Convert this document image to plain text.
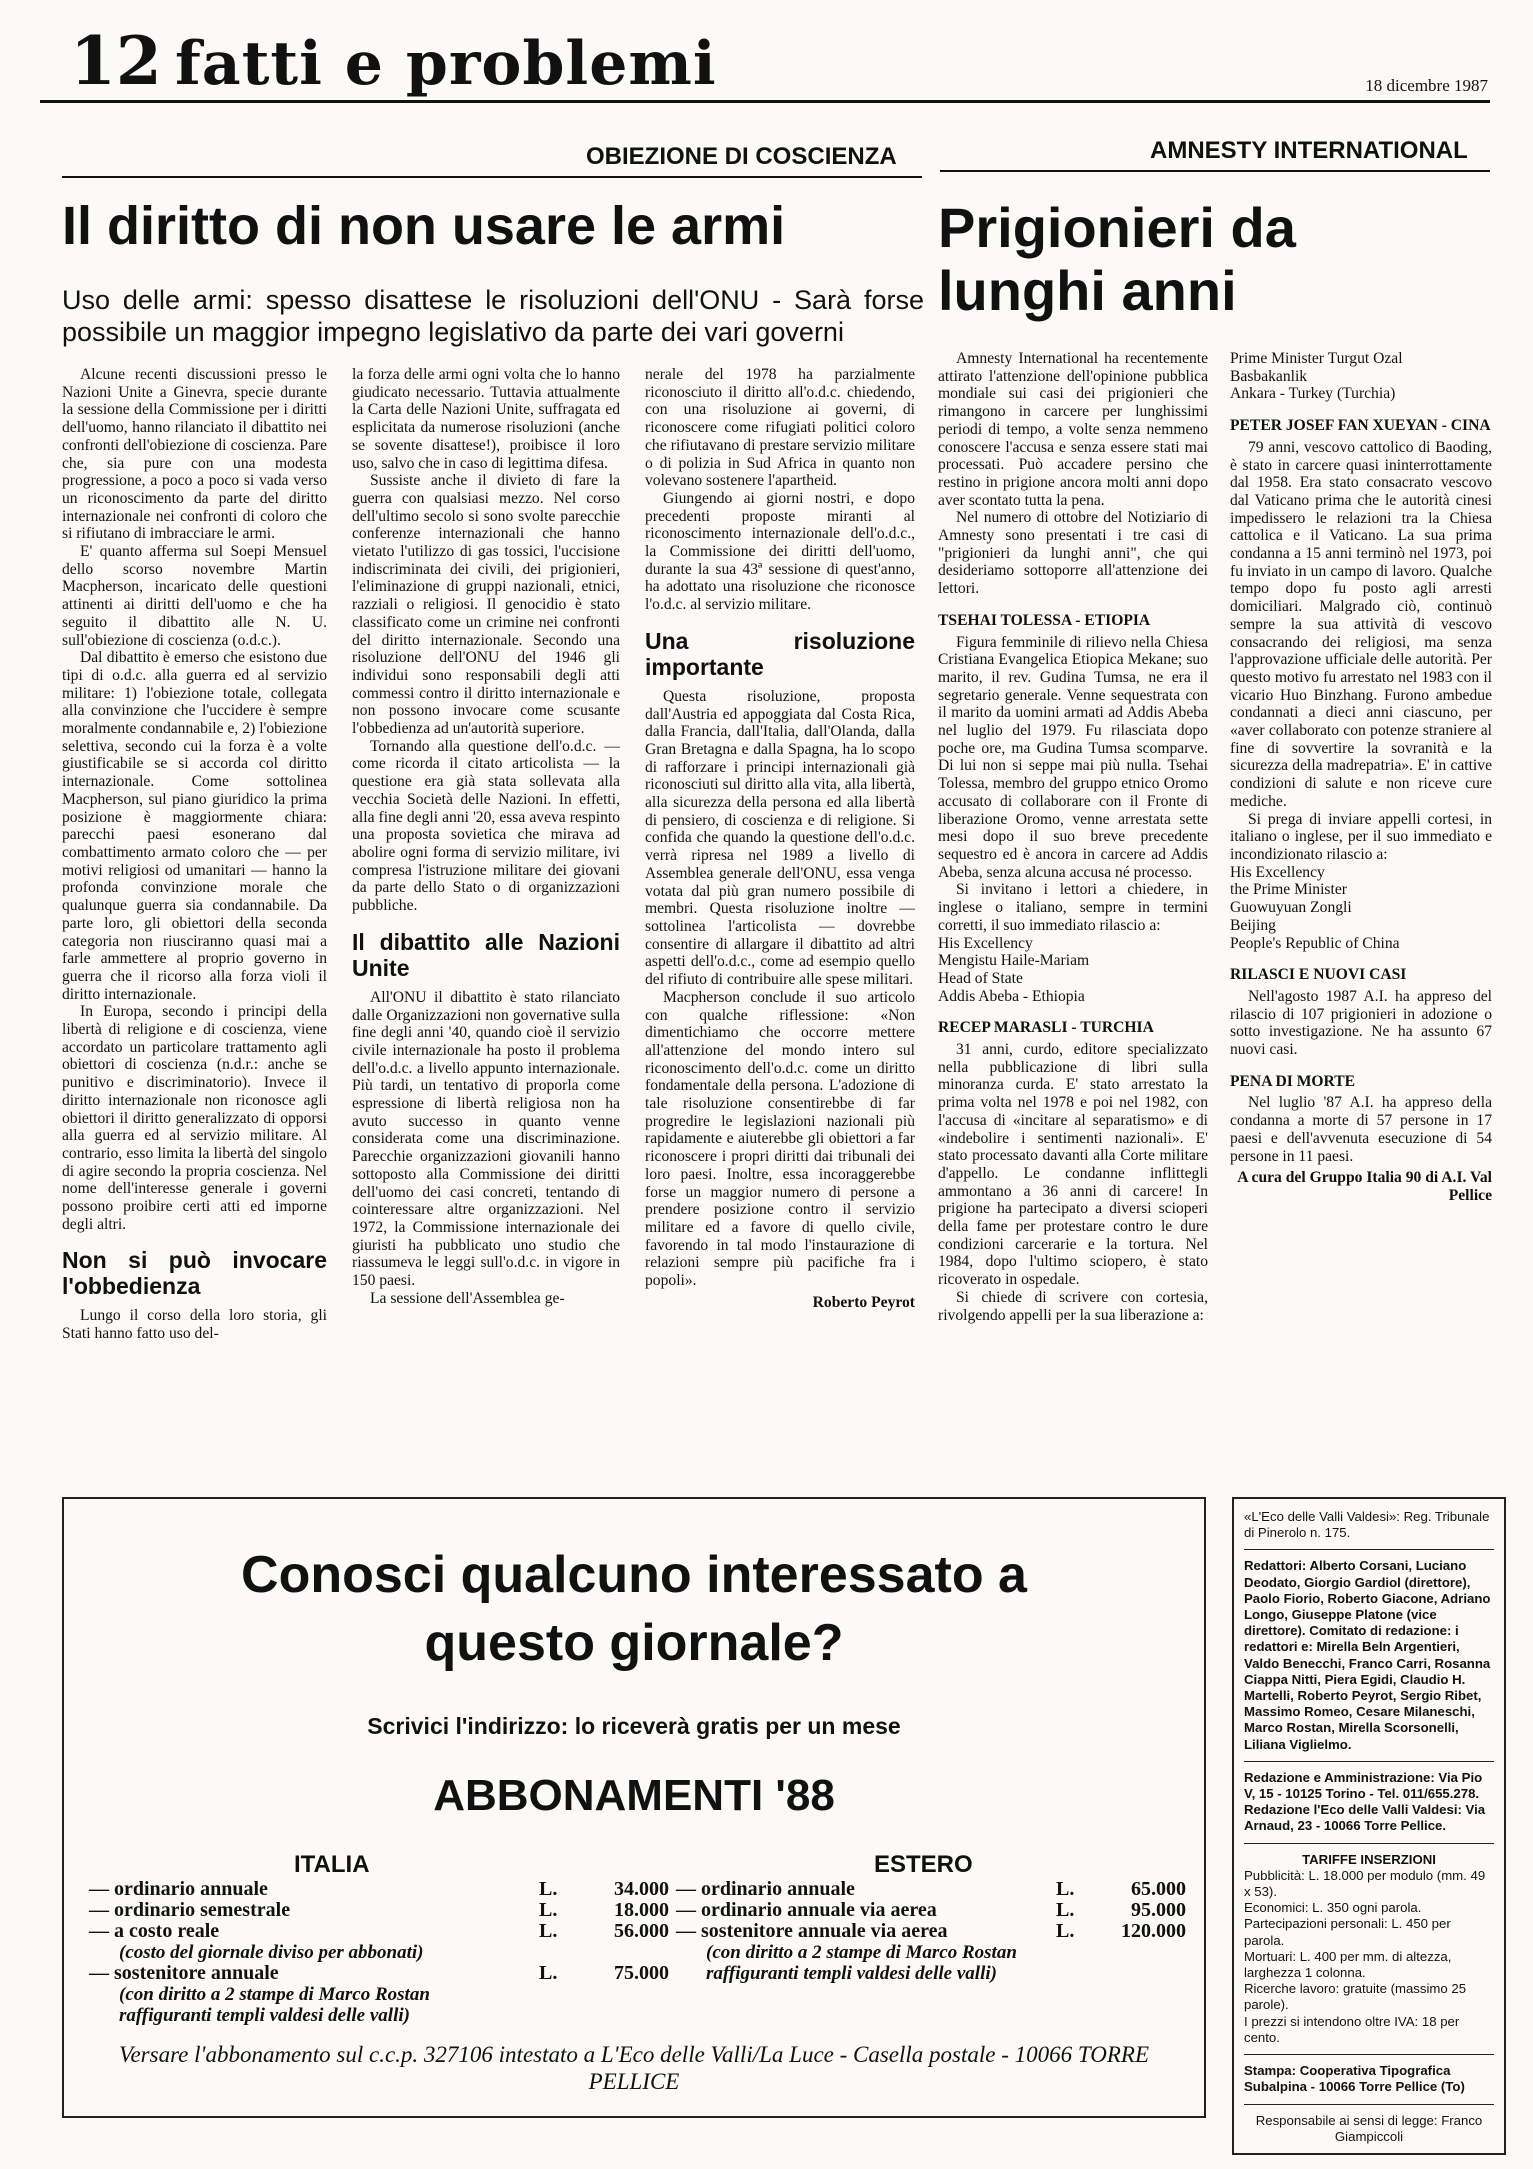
12 fatti e problemi	18 dicembre 1987
OBIEZIONE DI COSCIENZA
Il diritto di non usare le armi
Uso delle armi: spesso disattese le risoluzioni dell'ONU - Sarà forse possibile un maggior impegno legislativo da parte dei vari governi
AMNESTY INTERNATIONAL
Prigionieri da lunghi anni

Alcune recenti discussioni presso le Nazioni Unite a Ginevra, specie durante la sessione della Commissione per i diritti dell'uomo, hanno rilanciato il dibattito nei confronti dell'obiezione di coscienza. Pare che, sia pure con una modesta progressione, a poco a poco si vada verso un riconoscimento da parte del diritto internazionale nei confronti di coloro che si rifiutano di imbracciare le armi.

E' quanto afferma sul Soepi Mensuel dello scorso novembre Martin Macpherson, incaricato delle questioni attinenti ai diritti dell'uomo e che ha seguito il dibattito alle N. U. sull'obiezione di coscienza (o.d.c.).

Dal dibattito è emerso che esistono due tipi di o.d.c. alla guerra ed al servizio militare: 1) l'obiezione totale, collegata alla convinzione che l'uccidere è sempre moralmente condannabile e, 2) l'obiezione selettiva, secondo cui la forza è a volte giustificabile se si accorda col diritto internazionale. Come sottolinea Macpherson, sul piano giuridico la prima posizione è maggiormente chiara: parecchi paesi esonerano dal combattimento armato coloro che — per motivi religiosi od umanitari — hanno la profonda convinzione morale che qualunque guerra sia condannabile. Da parte loro, gli obiettori della seconda categoria non riusciranno quasi mai a farle ammettere al proprio governo in guerra che il ricorso alla forza violi il diritto internazionale.

In Europa, secondo i principi della libertà di religione e di coscienza, viene accordato un particolare trattamento agli obiettori di coscienza (n.d.r.: anche se punitivo e discriminatorio). Invece il diritto internazionale non riconosce agli obiettori il diritto generalizzato di opporsi alla guerra ed al servizio militare. Al contrario, esso limita la libertà del singolo di agire secondo la propria coscienza. Nel nome dell'interesse generale i governi possono proibire certi atti ed imporne degli altri.

Non si può invocare l'obbedienza

Lungo il corso della loro storia, gli Stati hanno fatto uso del-

la forza delle armi ogni volta che lo hanno giudicato necessario. Tuttavia attualmente la Carta delle Nazioni Unite, suffragata ed esplicitata da numerose risoluzioni (anche se sovente disattese!), proibisce il loro uso, salvo che in caso di legittima difesa.

Sussiste anche il divieto di fare la guerra con qualsiasi mezzo. Nel corso dell'ultimo secolo si sono svolte parecchie conferenze internazionali che hanno vietato l'utilizzo di gas tossici, l'uccisione indiscriminata dei civili, dei prigionieri, l'eliminazione di gruppi nazionali, etnici, razziali o religiosi. Il genocidio è stato classificato come un crimine nei confronti del diritto internazionale. Secondo una risoluzione dell'ONU del 1946 gli individui sono responsabili degli atti commessi contro il diritto internazionale e non possono invocare come scusante l'obbedienza ad un'autorità superiore.

Tornando alla questione dell'o.d.c. — come ricorda il citato articolista — la questione era già stata sollevata alla vecchia Società delle Nazioni. In effetti, alla fine degli anni '20, essa aveva respinto una proposta sovietica che mirava ad abolire ogni forma di servizio militare, ivi compresa l'istruzione militare dei giovani da parte dello Stato o di organizzazioni pubbliche.

Il dibattito alle Nazioni Unite

All'ONU il dibattito è stato rilanciato dalle Organizzazioni non governative sulla fine degli anni '40, quando cioè il servizio civile internazionale ha posto il problema dell'o.d.c. a livello appunto internazionale. Più tardi, un tentativo di proporla come espressione di libertà religiosa non ha avuto successo in quanto venne considerata come una discriminazione. Parecchie organizzazioni giovanili hanno sottoposto alla Commissione dei diritti dell'uomo dei casi concreti, tentando di cointeressare altre organizzazioni. Nel 1972, la Commissione internazionale dei giuristi ha pubblicato uno studio che riassumeva le leggi sull'o.d.c. in vigore in 150 paesi.

La sessione dell'Assemblea ge-

nerale del 1978 ha parzialmente riconosciuto il diritto all'o.d.c. chiedendo, con una risoluzione ai governi, di riconoscere come rifugiati politici coloro che rifiutavano di prestare servizio militare o di polizia in Sud Africa in quanto non volevano sostenere l'apartheid.

Giungendo ai giorni nostri, e dopo precedenti proposte miranti al riconoscimento internazionale dell'o.d.c., la Commissione dei diritti dell'uomo, durante la sua 43ª sessione di quest'anno, ha adottato una risoluzione che riconosce l'o.d.c. al servizio militare.

Una risoluzione importante

Questa risoluzione, proposta dall'Austria ed appoggiata dal Costa Rica, dalla Francia, dall'Italia, dall'Olanda, dalla Gran Bretagna e dalla Spagna, ha lo scopo di rafforzare i principi internazionali già riconosciuti sul diritto alla vita, alla libertà, alla sicurezza della persona ed alla libertà di pensiero, di coscienza e di religione. Si confida che quando la questione dell'o.d.c. verrà ripresa nel 1989 a livello di Assemblea generale dell'ONU, essa venga votata dal più gran numero possibile di membri. Questa risoluzione inoltre — sottolinea l'articolista — dovrebbe consentire di allargare il dibattito ad altri aspetti dell'o.d.c., come ad esempio quello del rifiuto di contribuire alle spese militari.

Macpherson conclude il suo articolo con qualche riflessione: «Non dimentichiamo che occorre mettere all'attenzione del mondo intero sul riconoscimento dell'o.d.c. come un diritto fondamentale della persona. L'adozione di tale risoluzione consentirebbe di far progredire le legislazioni nazionali più rapidamente e aiuterebbe gli obiettori a far riconoscere i propri diritti dai tribunali dei loro paesi. Inoltre, essa incoraggerebbe forse un maggior numero di persone a prendere posizione contro il servizio militare ed a favore di quello civile, favorendo in tal modo l'instaurazione di relazioni sempre più pacifiche fra i popoli».

Roberto Peyrot

Amnesty International ha recentemente attirato l'attenzione dell'opinione pubblica mondiale sui casi dei prigionieri che rimangono in carcere per lunghissimi periodi di tempo, a volte senza nemmeno conoscere l'accusa e senza essere stati mai processati. Può accadere persino che restino in prigione ancora molti anni dopo aver scontato tutta la pena.

Nel numero di ottobre del Notiziario di Amnesty sono presentati i tre casi di "prigionieri da lunghi anni", che qui desideriamo sottoporre all'attenzione dei lettori.

TSEHAI TOLESSA - ETIOPIA

Figura femminile di rilievo nella Chiesa Cristiana Evangelica Etiopica Mekane; suo marito, il rev. Gudina Tumsa, ne era il segretario generale. Venne sequestrata con il marito da uomini armati ad Addis Abeba nel luglio del 1979. Fu rilasciata dopo poche ore, ma Gudina Tumsa scomparve. Di lui non si seppe mai più nulla. Tsehai Tolessa, membro del gruppo etnico Oromo accusato di collaborare con il Fronte di liberazione Oromo, venne arrestata sette mesi dopo il suo breve precedente sequestro ed è ancora in carcere ad Addis Abeba, senza alcuna accusa né processo.

Si invitano i lettori a chiedere, in inglese o italiano, sempre in termini corretti, il suo immediato rilascio a:

His Excellency

Mengistu Haile-Mariam

Head of State

Addis Abeba - Ethiopia

RECEP MARASLI - TURCHIA

31 anni, curdo, editore specializzato nella pubblicazione di libri sulla minoranza curda. E' stato arrestato la prima volta nel 1978 e poi nel 1982, con l'accusa di «incitare al separatismo» e di «indebolire i sentimenti nazionali». E' stato processato davanti alla Corte militare d'appello. Le condanne inflittegli ammontano a 36 anni di carcere! In prigione ha partecipato a diversi scioperi della fame per protestare contro le dure condizioni carcerarie e la tortura. Nel 1984, dopo l'ultimo sciopero, è stato ricoverato in ospedale.

Si chiede di scrivere con cortesia, rivolgendo appelli per la sua liberazione a:

Prime Minister Turgut Ozal

Basbakanlik

Ankara - Turkey (Turchia)

PETER JOSEF FAN XUEYAN - CINA

79 anni, vescovo cattolico di Baoding, è stato in carcere quasi ininterrottamente dal 1958. Era stato consacrato vescovo dal Vaticano prima che le autorità cinesi impedissero le relazioni tra la Chiesa cattolica e il Vaticano. La sua prima condanna a 15 anni terminò nel 1973, poi fu inviato in un campo di lavoro. Qualche tempo dopo fu posto agli arresti domiciliari. Malgrado ciò, continuò sempre la sua attività di vescovo consacrando dei religiosi, ma senza l'approvazione ufficiale delle autorità. Per questo motivo fu arrestato nel 1983 con il vicario Huo Binzhang. Furono ambedue condannati a dieci anni ciascuno, per «aver collaborato con potenze straniere al fine di sovvertire la sovranità e la sicurezza della madrepatria». E' in cattive condizioni di salute e non riceve cure mediche.

Si prega di inviare appelli cortesi, in italiano o inglese, per il suo immediato e incondizionato rilascio a:

His Excellency

the Prime Minister

Guowuyuan Zongli

Beijing

People's Republic of China

RILASCI E NUOVI CASI

Nell'agosto 1987 A.I. ha appreso del rilascio di 107 prigionieri in adozione o sotto investigazione. Ne ha assunto 67 nuovi casi.

PENA DI MORTE

Nel luglio '87 A.I. ha appreso della condanna a morte di 57 persone in 17 paesi e dell'avvenuta esecuzione di 54 persone in 11 paesi.

A cura del Gruppo Italia 90 di A.I. Val Pellice

Conosci qualcuno interessato a questo giornale?
Scrivici l'indirizzo: lo riceverà gratis per un mese
ABBONAMENTI '88
ITALIA
— ordinario annuale	L.	34.000
— ordinario semestrale	L.	18.000
— a costo reale	L.	56.000
(costo del giornale diviso per abbonati)
— sostenitore annuale	L.	75.000
(con diritto a 2 stampe di Marco Rostan raffiguranti templi valdesi delle valli)
ESTERO
— ordinario annuale	L.	65.000
— ordinario annuale via aerea	L.	95.000
— sostenitore annuale via aerea	L.	120.000
(con diritto a 2 stampe di Marco Rostan raffiguranti templi valdesi delle valli)
Versare l'abbonamento sul c.c.p. 327106 intestato a L'Eco delle Valli/La Luce - Casella postale - 10066 TORRE PELLICE

«L'Eco delle Valli Valdesi»: Reg. Tribunale di Pinerolo n. 175.

Redattori: Alberto Corsani, Luciano Deodato, Giorgio Gardiol (direttore), Paolo Fiorio, Roberto Giacone, Adriano Longo, Giuseppe Platone (vice direttore). Comitato di redazione: i redattori e: Mirella Beln Argentieri, Valdo Benecchi, Franco Carri, Rosanna Ciappa Nitti, Piera Egidi, Claudio H. Martelli, Roberto Peyrot, Sergio Ribet, Massimo Romeo, Cesare Milaneschi, Marco Rostan, Mirella Scorsonelli, Liliana Viglielmo.

Redazione e Amministrazione: Via Pio V, 15 - 10125 Torino - Tel. 011/655.278.

Redazione l'Eco delle Valli Valdesi: Via Arnaud, 23 - 10066 Torre Pellice.

TARIFFE INSERZIONI

Pubblicità: L. 18.000 per modulo (mm. 49 x 53).

Economici: L. 350 ogni parola.

Partecipazioni personali: L. 450 per parola.

Mortuari: L. 400 per mm. di altezza, larghezza 1 colonna.

Ricerche lavoro: gratuite (massimo 25 parole).

I prezzi si intendono oltre IVA: 18 per cento.

Stampa: Cooperativa Tipografica Subalpina - 10066 Torre Pellice (To)

Responsabile ai sensi di legge: Franco Giampiccoli
